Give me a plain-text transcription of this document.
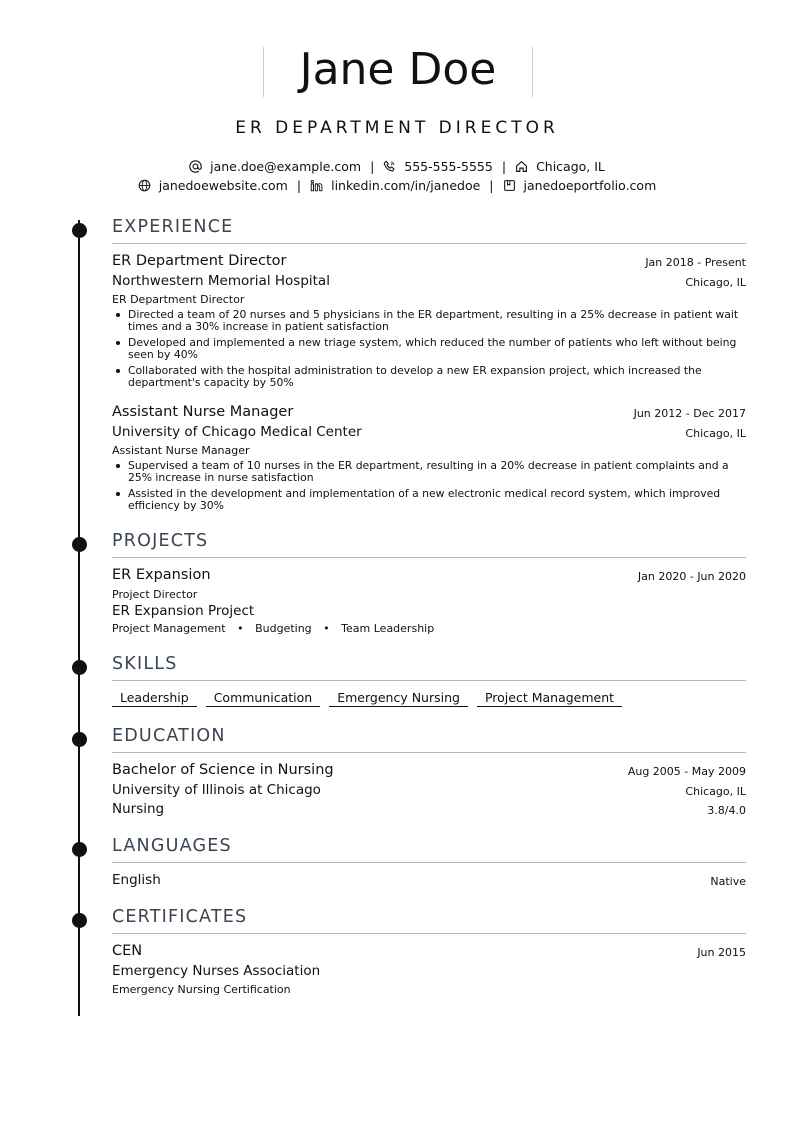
Jane Doe
ER DEPARTMENT DIRECTOR
jane.doe@example.com | 555-555-5555 | Chicago, IL
janedoewebsite.com | linkedin.com/in/janedoe | janedoeportfolio.com
EXPERIENCE
ER Department Director	Jan 2018 - Present
Northwestern Memorial Hospital	Chicago, IL
ER Department Director
Directed a team of 20 nurses and 5 physicians in the ER department, resulting in a 25% decrease in patient wait times and a 30% increase in patient satisfaction
Developed and implemented a new triage system, which reduced the number of patients who left without being seen by 40%
Collaborated with the hospital administration to develop a new ER expansion project, which increased the department's capacity by 50%
Assistant Nurse Manager	Jun 2012 - Dec 2017
University of Chicago Medical Center	Chicago, IL
Assistant Nurse Manager
Supervised a team of 10 nurses in the ER department, resulting in a 20% decrease in patient complaints and a 25% increase in nurse satisfaction
Assisted in the development and implementation of a new electronic medical record system, which improved efficiency by 30%
PROJECTS
ER Expansion	Jan 2020 - Jun 2020
Project Director
ER Expansion Project
Project Management • Budgeting • Team Leadership
SKILLS
Leadership	Communication	Emergency Nursing	Project Management
EDUCATION
Bachelor of Science in Nursing	Aug 2005 - May 2009
University of Illinois at Chicago	Chicago, IL
Nursing	3.8/4.0
LANGUAGES
English	Native
CERTIFICATES
CEN	Jun 2015
Emergency Nurses Association
Emergency Nursing Certification
